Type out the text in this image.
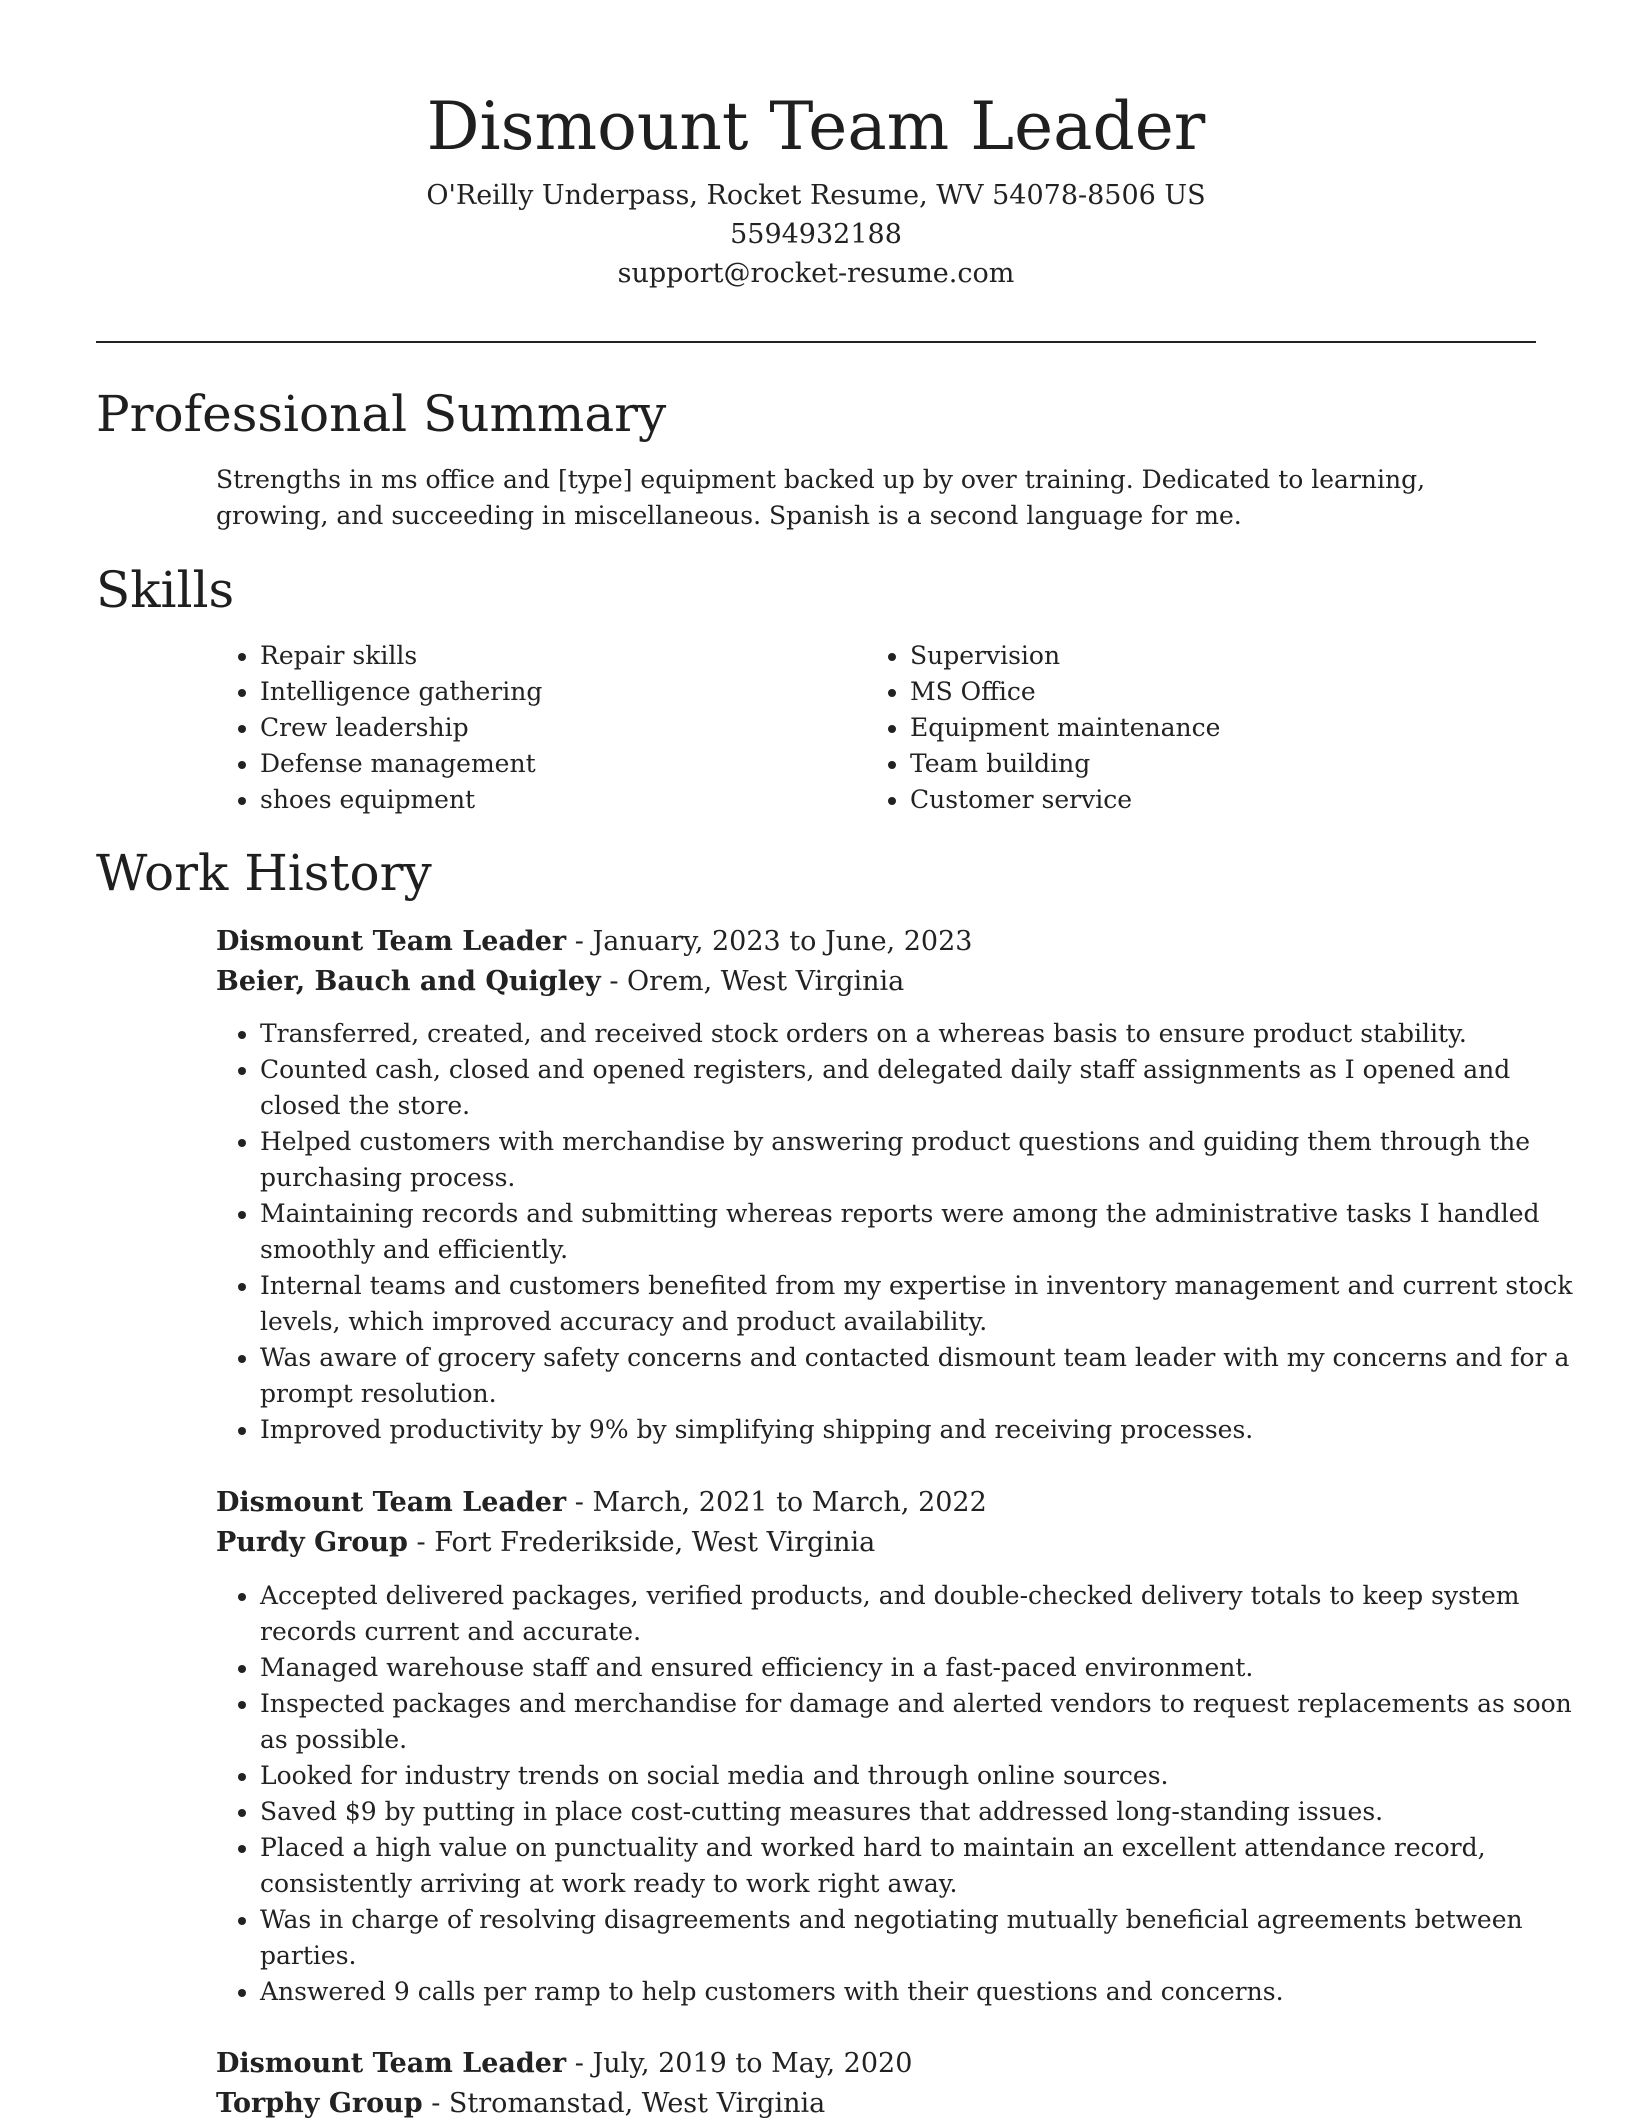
Dismount Team Leader

O'Reilly Underpass, Rocket Resume, WV 54078-8506 US

5594932188

support@rocket-resume.com

Professional Summary

Strengths in ms office and [type] equipment backed up by over training. Dedicated to learning, growing, and succeeding in miscellaneous. Spanish is a second language for me.

Skills
• Repair skills
• Intelligence gathering
• Crew leadership
• Defense management
• shoes equipment
• Supervision
• MS Office
• Equipment maintenance
• Team building
• Customer service
Work History

Dismount Team Leader - January, 2023 to June, 2023

Beier, Bauch and Quigley - Orem, West Virginia

• Transferred, created, and received stock orders on a whereas basis to ensure product stability.
• Counted cash, closed and opened registers, and delegated daily staff assignments as I opened and closed the store.
• Helped customers with merchandise by answering product questions and guiding them through the purchasing process.
• Maintaining records and submitting whereas reports were among the administrative tasks I handled smoothly and efficiently.
• Internal teams and customers benefited from my expertise in inventory management and current stock levels, which improved accuracy and product availability.
• Was aware of grocery safety concerns and contacted dismount team leader with my concerns and for a prompt resolution.
• Improved productivity by 9% by simplifying shipping and receiving processes.

Dismount Team Leader - March, 2021 to March, 2022

Purdy Group - Fort Frederikside, West Virginia

• Accepted delivered packages, verified products, and double-checked delivery totals to keep system records current and accurate.
• Managed warehouse staff and ensured efficiency in a fast-paced environment.
• Inspected packages and merchandise for damage and alerted vendors to request replacements as soon as possible.
• Looked for industry trends on social media and through online sources.
• Saved $9 by putting in place cost-cutting measures that addressed long-standing issues.
• Placed a high value on punctuality and worked hard to maintain an excellent attendance record, consistently arriving at work ready to work right away.
• Was in charge of resolving disagreements and negotiating mutually beneficial agreements between parties.
• Answered 9 calls per ramp to help customers with their questions and concerns.

Dismount Team Leader - July, 2019 to May, 2020

Torphy Group - Stromanstad, West Virginia
